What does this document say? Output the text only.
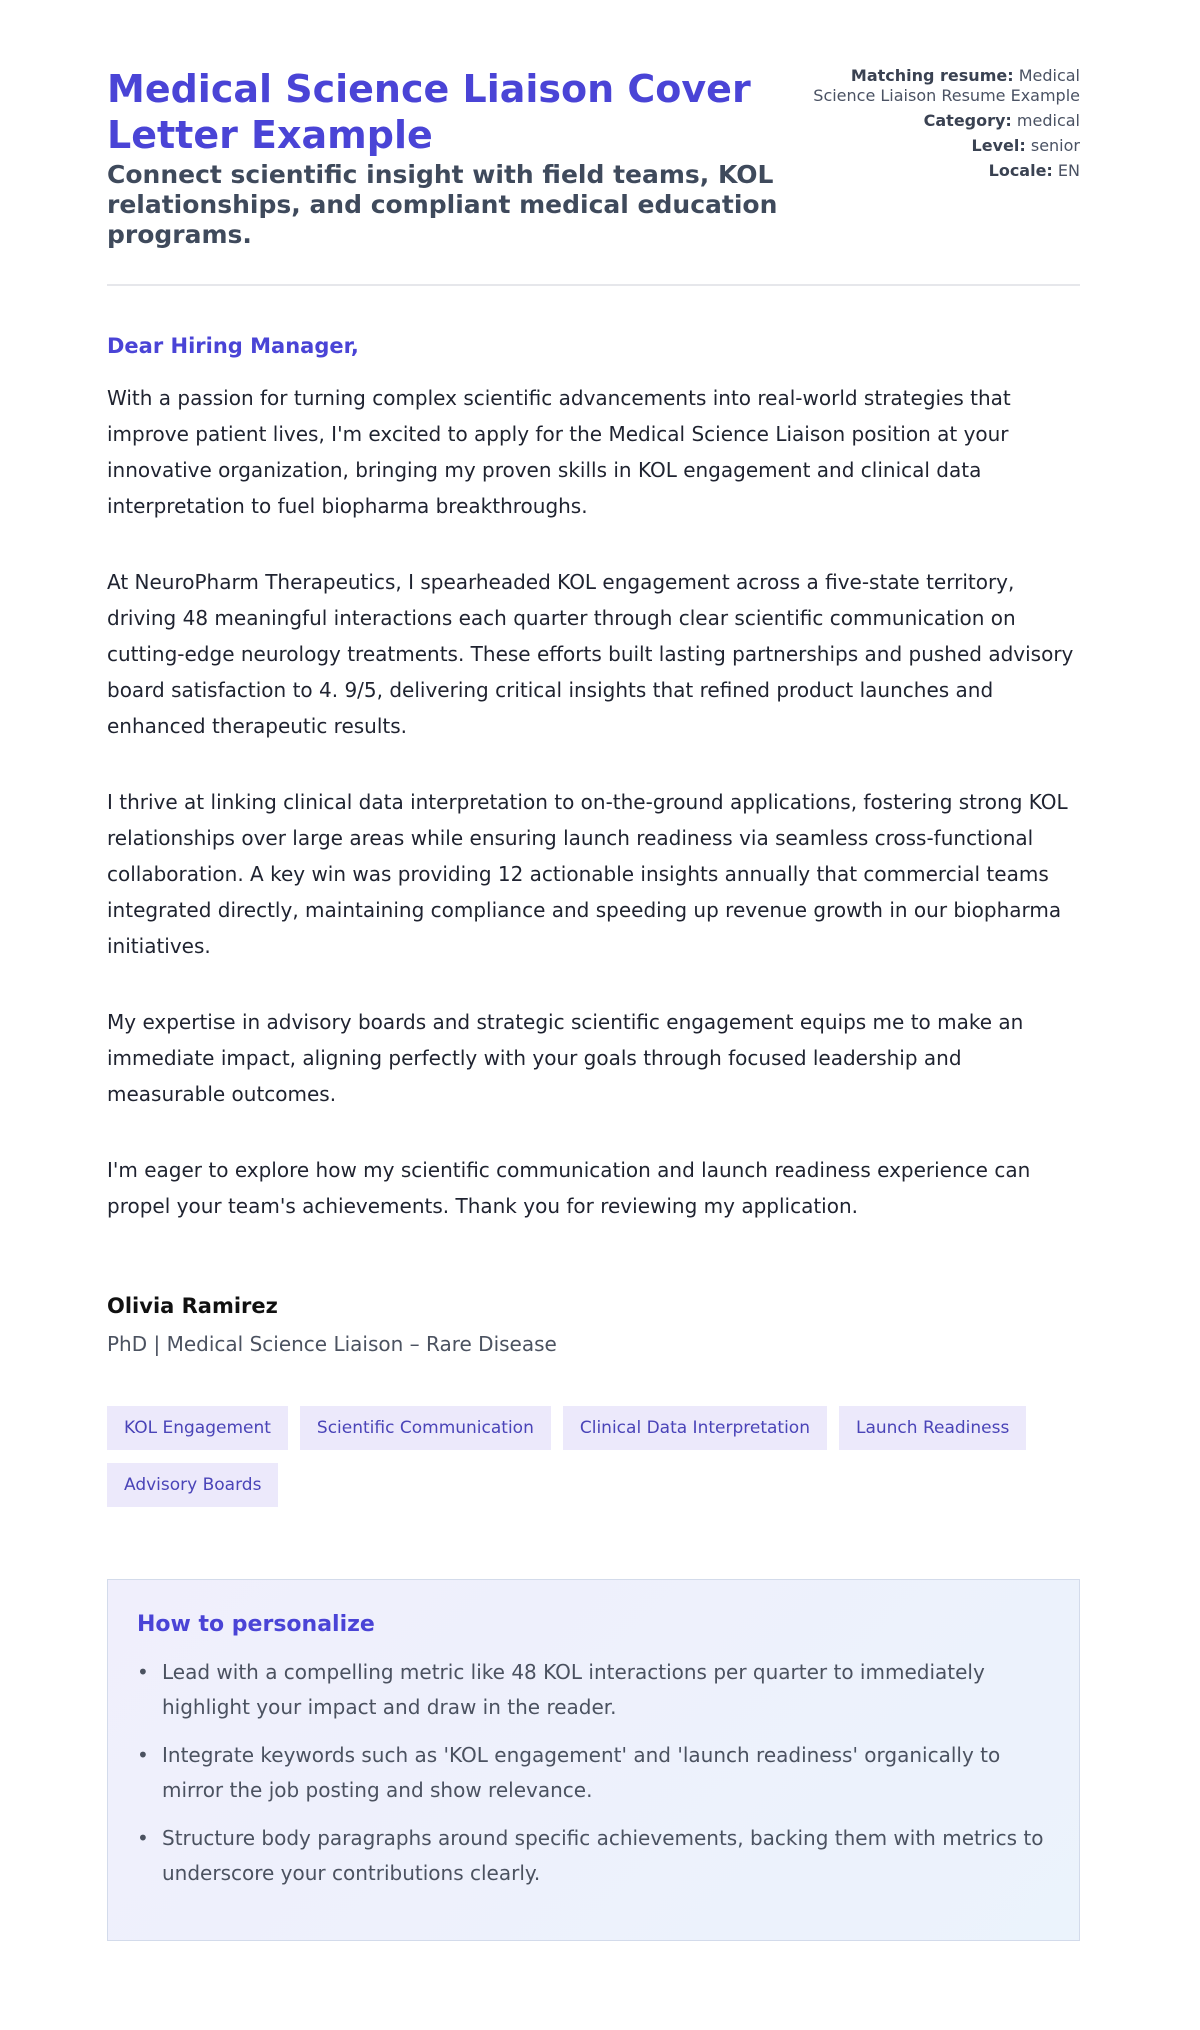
Medical Science Liaison Cover Letter Example
Connect scientific insight with field teams, KOL relationships, and compliant medical education programs.
Matching resume: Medical Science Liaison Resume Example
Category: medical
Level: senior
Locale: EN
Dear Hiring Manager,

With a passion for turning complex scientific advancements into real-world strategies that improve patient lives, I'm excited to apply for the Medical Science Liaison position at your innovative organization, bringing my proven skills in KOL engagement and clinical data interpretation to fuel biopharma breakthroughs.

At NeuroPharm Therapeutics, I spearheaded KOL engagement across a five-state territory, driving 48 meaningful interactions each quarter through clear scientific communication on cutting-edge neurology treatments. These efforts built lasting partnerships and pushed advisory board satisfaction to 4. 9/5, delivering critical insights that refined product launches and enhanced therapeutic results.

I thrive at linking clinical data interpretation to on-the-ground applications, fostering strong KOL relationships over large areas while ensuring launch readiness via seamless cross-functional collaboration. A key win was providing 12 actionable insights annually that commercial teams integrated directly, maintaining compliance and speeding up revenue growth in our biopharma initiatives.

My expertise in advisory boards and strategic scientific engagement equips me to make an immediate impact, aligning perfectly with your goals through focused leadership and measurable outcomes.

I'm eager to explore how my scientific communication and launch readiness experience can propel your team's achievements. Thank you for reviewing my application.

Olivia Ramirez
PhD | Medical Science Liaison – Rare Disease
KOL Engagement	Scientific Communication	Clinical Data Interpretation	Launch Readiness
Advisory Boards
How to personalize
• Lead with a compelling metric like 48 KOL interactions per quarter to immediately highlight your impact and draw in the reader.
• Integrate keywords such as 'KOL engagement' and 'launch readiness' organically to mirror the job posting and show relevance.
• Structure body paragraphs around specific achievements, backing them with metrics to underscore your contributions clearly.
